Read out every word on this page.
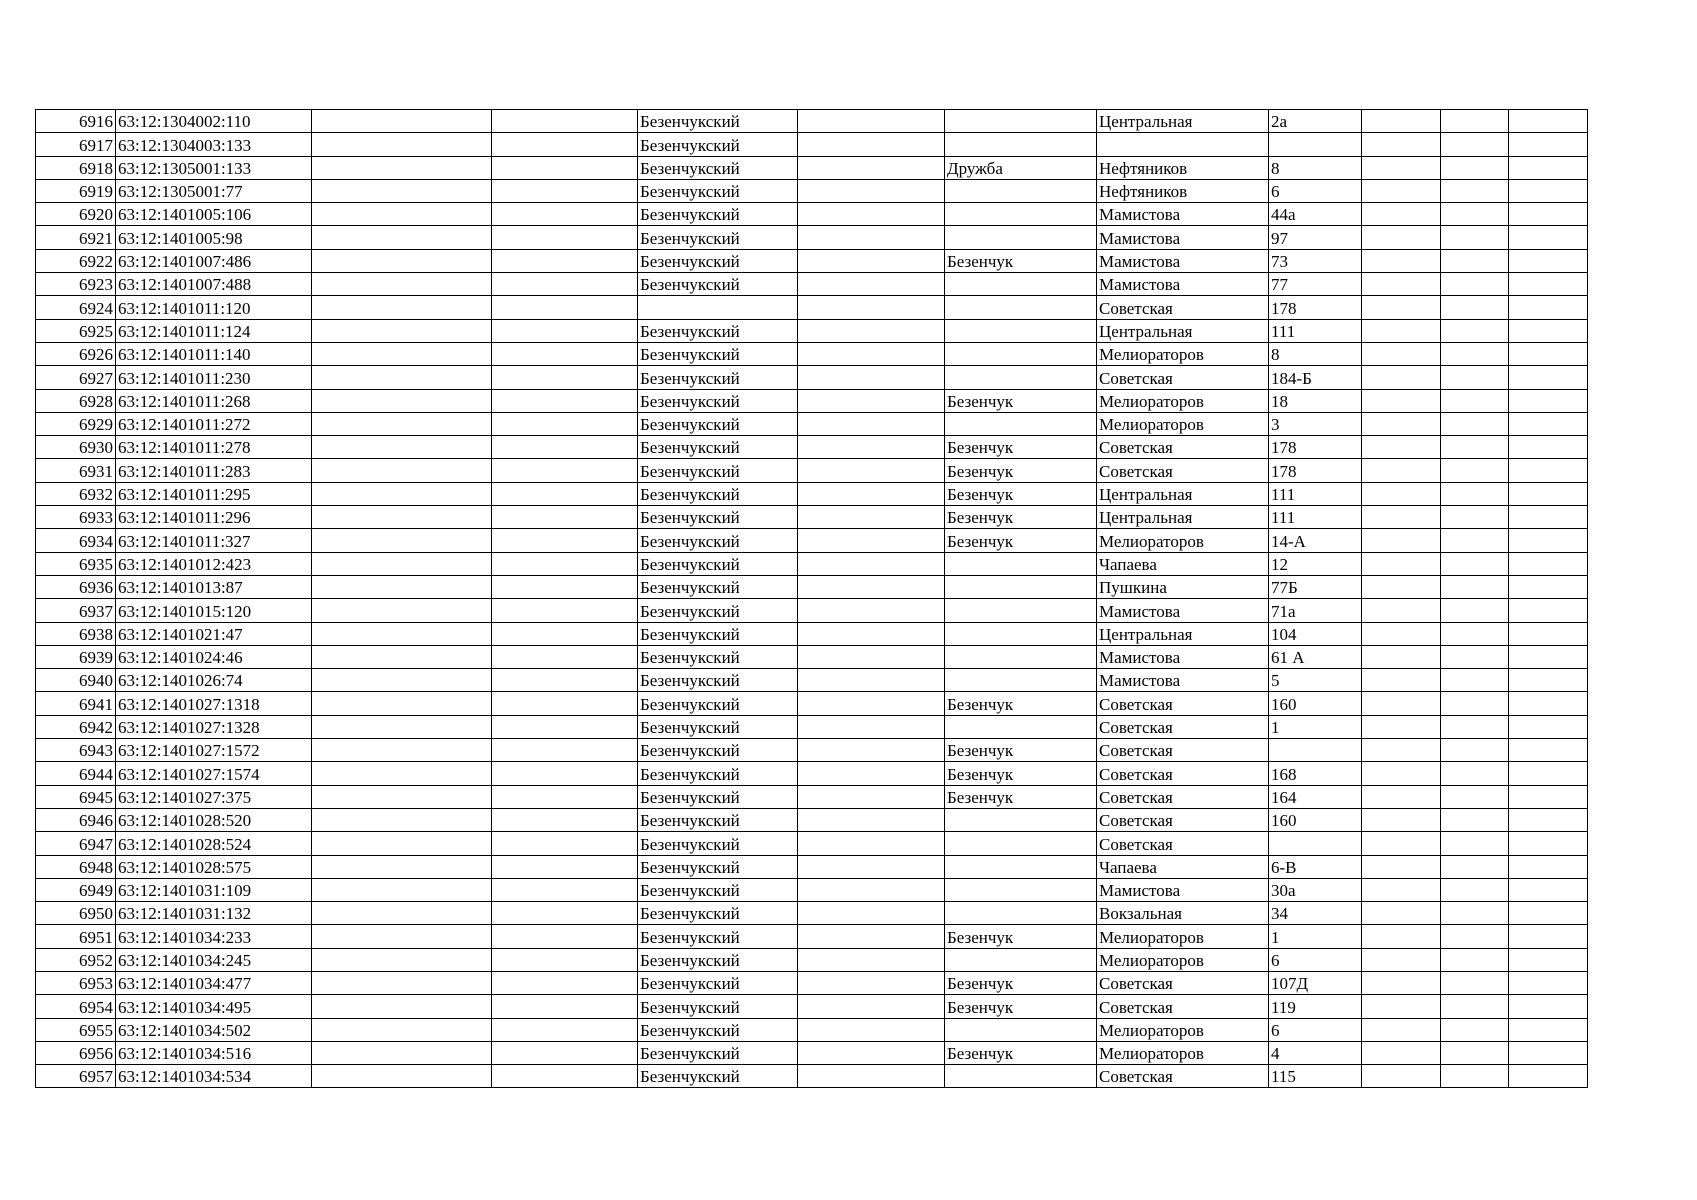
6916	63:12:1304002:110			Безенчукский			Центральная	2а			
6917	63:12:1304003:133			Безенчукский							
6918	63:12:1305001:133			Безенчукский		Дружба	Нефтяников	8			
6919	63:12:1305001:77			Безенчукский			Нефтяников	6			
6920	63:12:1401005:106			Безенчукский			Мамистова	44а			
6921	63:12:1401005:98			Безенчукский			Мамистова	97			
6922	63:12:1401007:486			Безенчукский		Безенчук	Мамистова	73			
6923	63:12:1401007:488			Безенчукский			Мамистова	77			
6924	63:12:1401011:120						Советская	178			
6925	63:12:1401011:124			Безенчукский			Центральная	111			
6926	63:12:1401011:140			Безенчукский			Мелиораторов	8			
6927	63:12:1401011:230			Безенчукский			Советская	184-Б			
6928	63:12:1401011:268			Безенчукский		Безенчук	Мелиораторов	18			
6929	63:12:1401011:272			Безенчукский			Мелиораторов	3			
6930	63:12:1401011:278			Безенчукский		Безенчук	Советская	178			
6931	63:12:1401011:283			Безенчукский		Безенчук	Советская	178			
6932	63:12:1401011:295			Безенчукский		Безенчук	Центральная	111			
6933	63:12:1401011:296			Безенчукский		Безенчук	Центральная	111			
6934	63:12:1401011:327			Безенчукский		Безенчук	Мелиораторов	14-А			
6935	63:12:1401012:423			Безенчукский			Чапаева	12			
6936	63:12:1401013:87			Безенчукский			Пушкина	77Б			
6937	63:12:1401015:120			Безенчукский			Мамистова	71а			
6938	63:12:1401021:47			Безенчукский			Центральная	104			
6939	63:12:1401024:46			Безенчукский			Мамистова	61 А			
6940	63:12:1401026:74			Безенчукский			Мамистова	5			
6941	63:12:1401027:1318			Безенчукский		Безенчук	Советская	160			
6942	63:12:1401027:1328			Безенчукский			Советская	1			
6943	63:12:1401027:1572			Безенчукский		Безенчук	Советская				
6944	63:12:1401027:1574			Безенчукский		Безенчук	Советская	168			
6945	63:12:1401027:375			Безенчукский		Безенчук	Советская	164			
6946	63:12:1401028:520			Безенчукский			Советская	160			
6947	63:12:1401028:524			Безенчукский			Советская				
6948	63:12:1401028:575			Безенчукский			Чапаева	6-В			
6949	63:12:1401031:109			Безенчукский			Мамистова	30а			
6950	63:12:1401031:132			Безенчукский			Вокзальная	34			
6951	63:12:1401034:233			Безенчукский		Безенчук	Мелиораторов	1			
6952	63:12:1401034:245			Безенчукский			Мелиораторов	6			
6953	63:12:1401034:477			Безенчукский		Безенчук	Советская	107Д			
6954	63:12:1401034:495			Безенчукский		Безенчук	Советская	119			
6955	63:12:1401034:502			Безенчукский			Мелиораторов	6			
6956	63:12:1401034:516			Безенчукский		Безенчук	Мелиораторов	4			
6957	63:12:1401034:534			Безенчукский			Советская	115			
